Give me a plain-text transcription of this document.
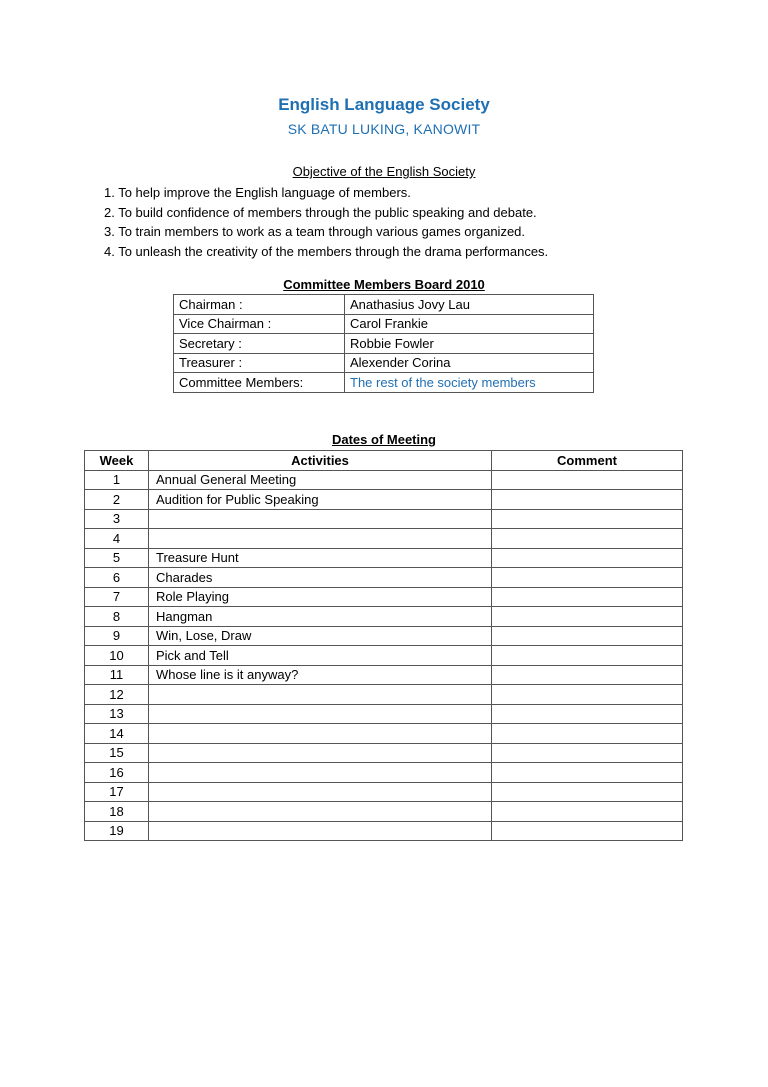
English Language Society
SK BATU LUKING, KANOWIT
Objective of the English Society
1. To help improve the English language of members.
2. To build confidence of members through the public speaking and debate.
3. To train members to work as a team through various games organized.
4. To unleash the creativity of the members through the drama performances.
Committee Members Board 2010
Chairman :	Anathasius Jovy Lau
Vice Chairman :	Carol Frankie
Secretary :	Robbie Fowler
Treasurer :	Alexender Corina
Committee Members:	The rest of the society members
Dates of Meeting
Week	Activities	Comment
1	Annual General Meeting	
2	Audition for Public Speaking	
3		
4		
5	Treasure Hunt	
6	Charades	
7	Role Playing	
8	Hangman	
9	Win, Lose, Draw	
10	Pick and Tell	
11	Whose line is it anyway?	
12		
13		
14		
15		
16		
17		
18		
19		
